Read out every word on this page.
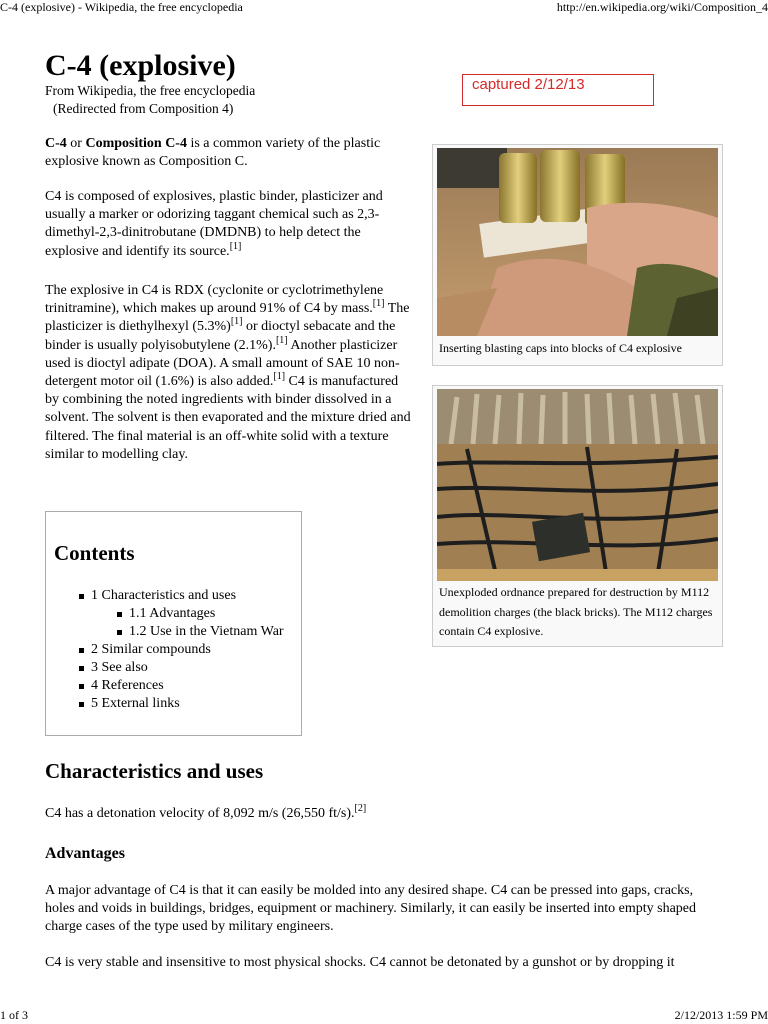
C-4 (explosive) - Wikipedia, the free encyclopedia	http://en.wikipedia.org/wiki/Composition_4
C-4 (explosive)
From Wikipedia, the free encyclopedia
(Redirected from Composition 4)
captured 2/12/13

C-4 or Composition C-4 is a common variety of the plastic explosive known as Composition C.

C4 is composed of explosives, plastic binder, plasticizer and usually a marker or odorizing taggant chemical such as 2,3-dimethyl-2,3-dinitrobutane (DMDNB) to help detect the explosive and identify its source.[1]

The explosive in C4 is RDX (cyclonite or cyclotrimethylene trinitramine), which makes up around 91% of C4 by mass.[1] The plasticizer is diethylhexyl (5.3%)[1] or dioctyl sebacate and the binder is usually polyisobutylene (2.1%).[1] Another plasticizer used is dioctyl adipate (DOA). A small amount of SAE 10 non-detergent motor oil (1.6%) is also added.[1] C4 is manufactured by combining the noted ingredients with binder dissolved in a solvent. The solvent is then evaporated and the mixture dried and filtered. The final material is an off-white solid with a texture similar to modelling clay.

Inserting blasting caps into blocks of C4 explosive
Unexploded ordnance prepared for destruction by M112 demolition charges (the black bricks). The M112 charges contain C4 explosive.
Contents
1 Characteristics and uses
1.1 Advantages
1.2 Use in the Vietnam War
2 Similar compounds
3 See also
4 References
5 External links
Characteristics and uses

C4 has a detonation velocity of 8,092 m/s (26,550 ft/s).[2]

Advantages

A major advantage of C4 is that it can easily be molded into any desired shape. C4 can be pressed into gaps, cracks, holes and voids in buildings, bridges, equipment or machinery. Similarly, it can easily be inserted into empty shaped charge cases of the type used by military engineers.

C4 is very stable and insensitive to most physical shocks. C4 cannot be detonated by a gunshot or by dropping it

1 of 3	2/12/2013 1:59 PM
